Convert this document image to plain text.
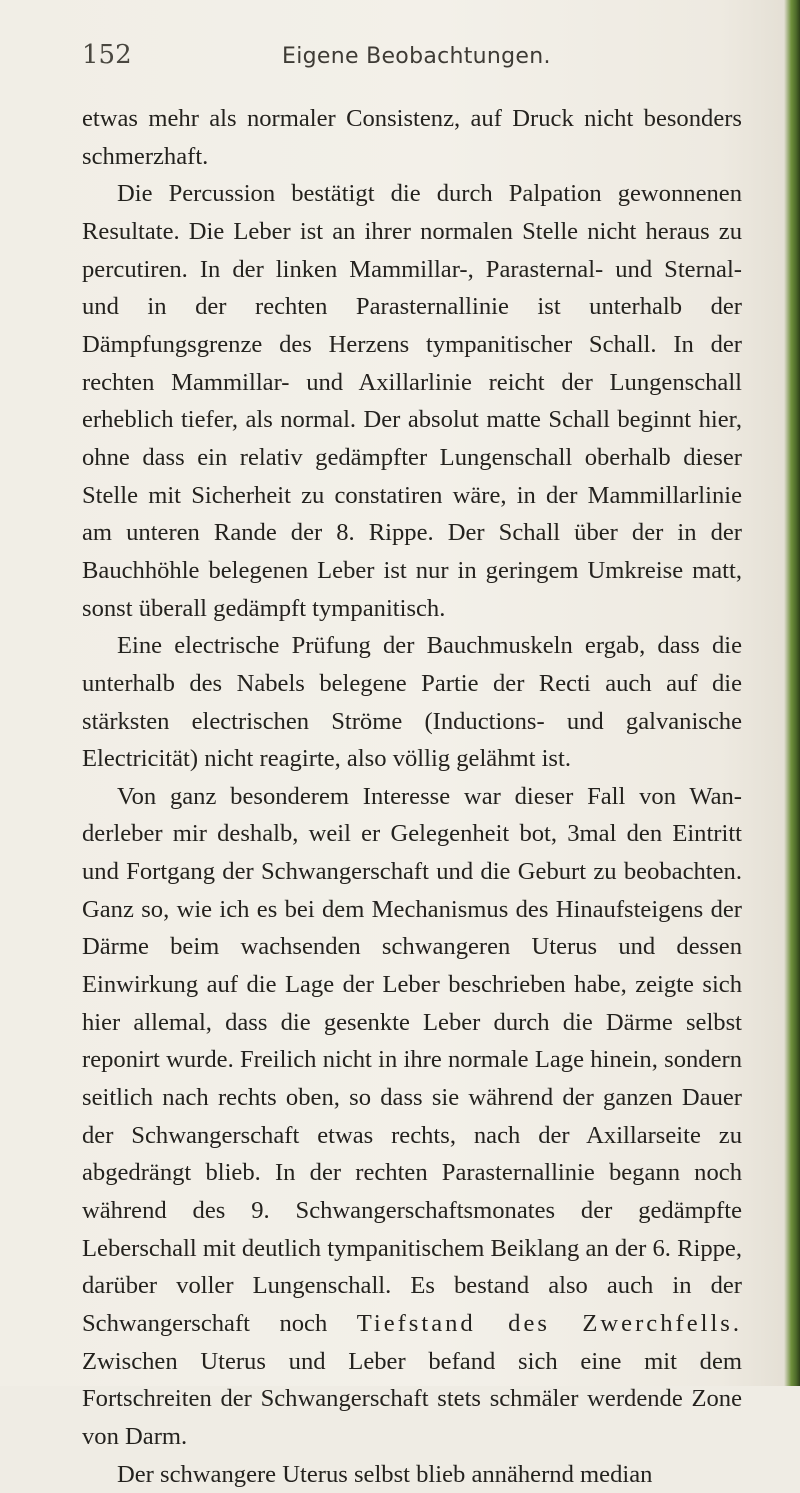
152	Eigene Beobachtungen.

etwas mehr als normaler Consistenz, auf Druck nicht besonders schmerzhaft.

Die Percussion bestätigt die durch Palpation gewonnenen Resultate. Die Leber ist an ihrer normalen Stelle nicht heraus zu percutiren. In der linken Mammillar-, Parasternal- und Sternal- und in der rechten Parasternallinie ist unterhalb der Dämpfungsgrenze des Herzens tympanitischer Schall. In der rechten Mammillar- und Axillarlinie reicht der Lungenschall erheblich tiefer, als normal. Der absolut matte Schall beginnt hier, ohne dass ein relativ gedämpfter Lungenschall oberhalb dieser Stelle mit Sicherheit zu constatiren wäre, in der Mammillarlinie am unteren Rande der 8. Rippe. Der Schall über der in der Bauchhöhle belegenen Leber ist nur in geringem Umkreise matt, sonst überall gedämpft tympanitisch.

Eine electrische Prüfung der Bauchmuskeln ergab, dass die unterhalb des Nabels belegene Partie der Recti auch auf die stärksten electrischen Ströme (Inductions- und galvanische Electricität) nicht reagirte, also völlig gelähmt ist.

Von ganz besonderem Interesse war dieser Fall von Wanderleber mir deshalb, weil er Gelegenheit bot, 3mal den Eintritt und Fortgang der Schwangerschaft und die Geburt zu beobachten. Ganz so, wie ich es bei dem Mechanismus des Hinaufsteigens der Därme beim wachsenden schwangeren Uterus und dessen Einwirkung auf die Lage der Leber beschrieben habe, zeigte sich hier allemal, dass die gesenkte Leber durch die Därme selbst reponirt wurde. Freilich nicht in ihre normale Lage hinein, sondern seitlich nach rechts oben, so dass sie während der ganzen Dauer der Schwangerschaft etwas rechts, nach der Axillarseite zu abgedrängt blieb. In der rechten Parasternallinie begann noch während des 9. Schwangerschaftsmonates der gedämpfte Leberschall mit deutlich tympanitischem Beiklang an der 6. Rippe, darüber voller Lungenschall. Es bestand also auch in der Schwangerschaft noch Tiefstand des Zwerchfells. Zwischen Uterus und Leber befand sich eine mit dem Fortschreiten der Schwangerschaft stets schmäler werdende Zone von Darm.

Der schwangere Uterus selbst blieb annähernd median
